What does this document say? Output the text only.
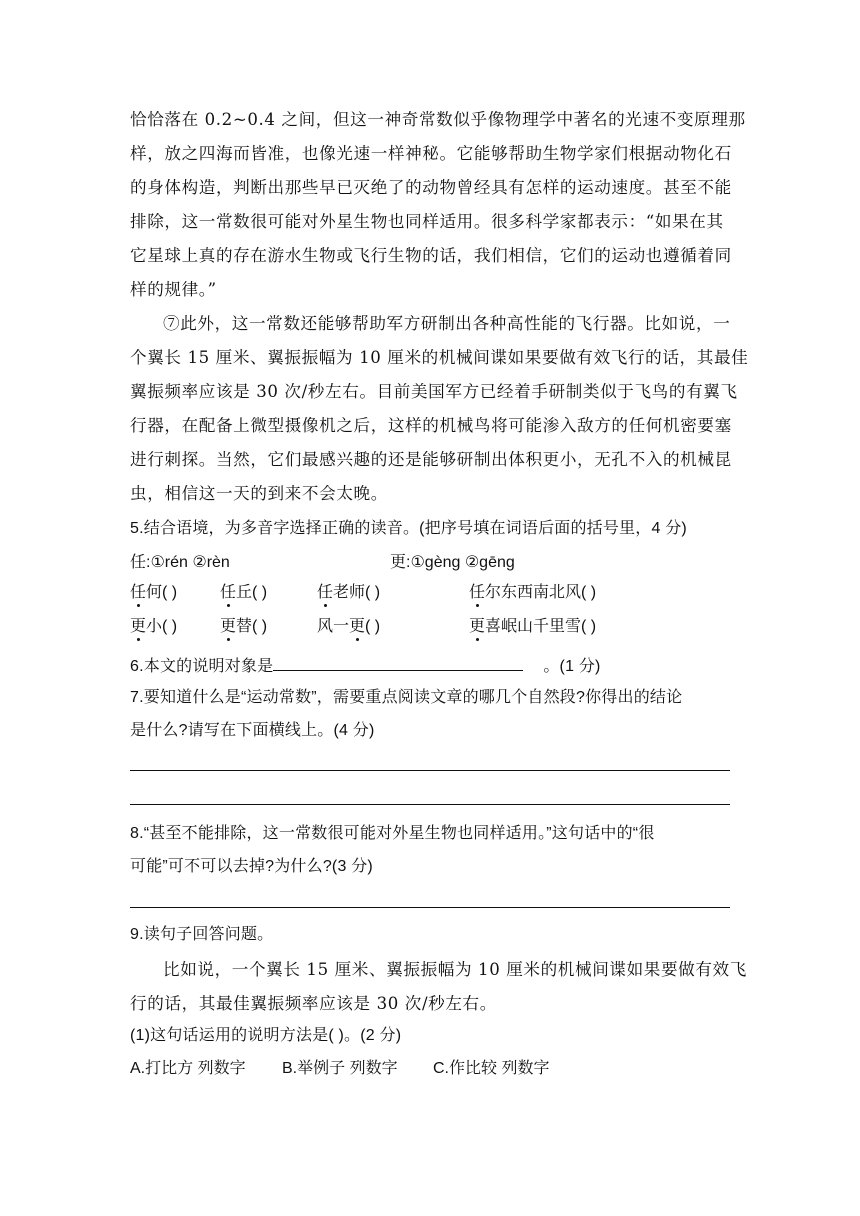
恰恰落在 0.2~0.4 之间，但这一神奇常数似乎像物理学中著名的光速不变原理那
样，放之四海而皆准，也像光速一样神秘。它能够帮助生物学家们根据动物化石
的身体构造，判断出那些早已灭绝了的动物曾经具有怎样的运动速度。甚至不能
排除，这一常数很可能对外星生物也同样适用。很多科学家都表示：“如果在其
它星球上真的存在游水生物或飞行生物的话，我们相信，它们的运动也遵循着同
样的规律。”
⑦此外，这一常数还能够帮助军方研制出各种高性能的飞行器。比如说，一
个翼长 15 厘米、翼振振幅为 10 厘米的机械间谍如果要做有效飞行的话，其最佳
翼振频率应该是 30 次/秒左右。目前美国军方已经着手研制类似于飞鸟的有翼飞
行器，在配备上微型摄像机之后，这样的机械鸟将可能渗入敌方的任何机密要塞
进行刺探。当然，它们最感兴趣的还是能够研制出体积更小，无孔不入的机械昆
虫，相信这一天的到来不会太晚。
5.结合语境，为多音字选择正确的读音。(把序号填在词语后面的括号里，4 分)
任:①rén ②rèn	更:①gèng ②gēng
任何( )	任丘( )	任老师( )	任尔东西南北风( )
更小( )	更替( )	风一更( )	更喜岷山千里雪( )
6.本文的说明对象是	。(1 分)
7.要知道什么是“运动常数”，需要重点阅读文章的哪几个自然段?你得出的结论
是什么?请写在下面横线上。(4 分)
8.“甚至不能排除，这一常数很可能对外星生物也同样适用。”这句话中的“很
可能”可不可以去掉?为什么?(3 分)
9.读句子回答问题。
比如说，一个翼长 15 厘米、翼振振幅为 10 厘米的机械间谍如果要做有效飞
行的话，其最佳翼振频率应该是 30 次/秒左右。
(1)这句话运用的说明方法是( )。(2 分)
A.打比方 列数字 B.举例子 列数字 C.作比较 列数字
